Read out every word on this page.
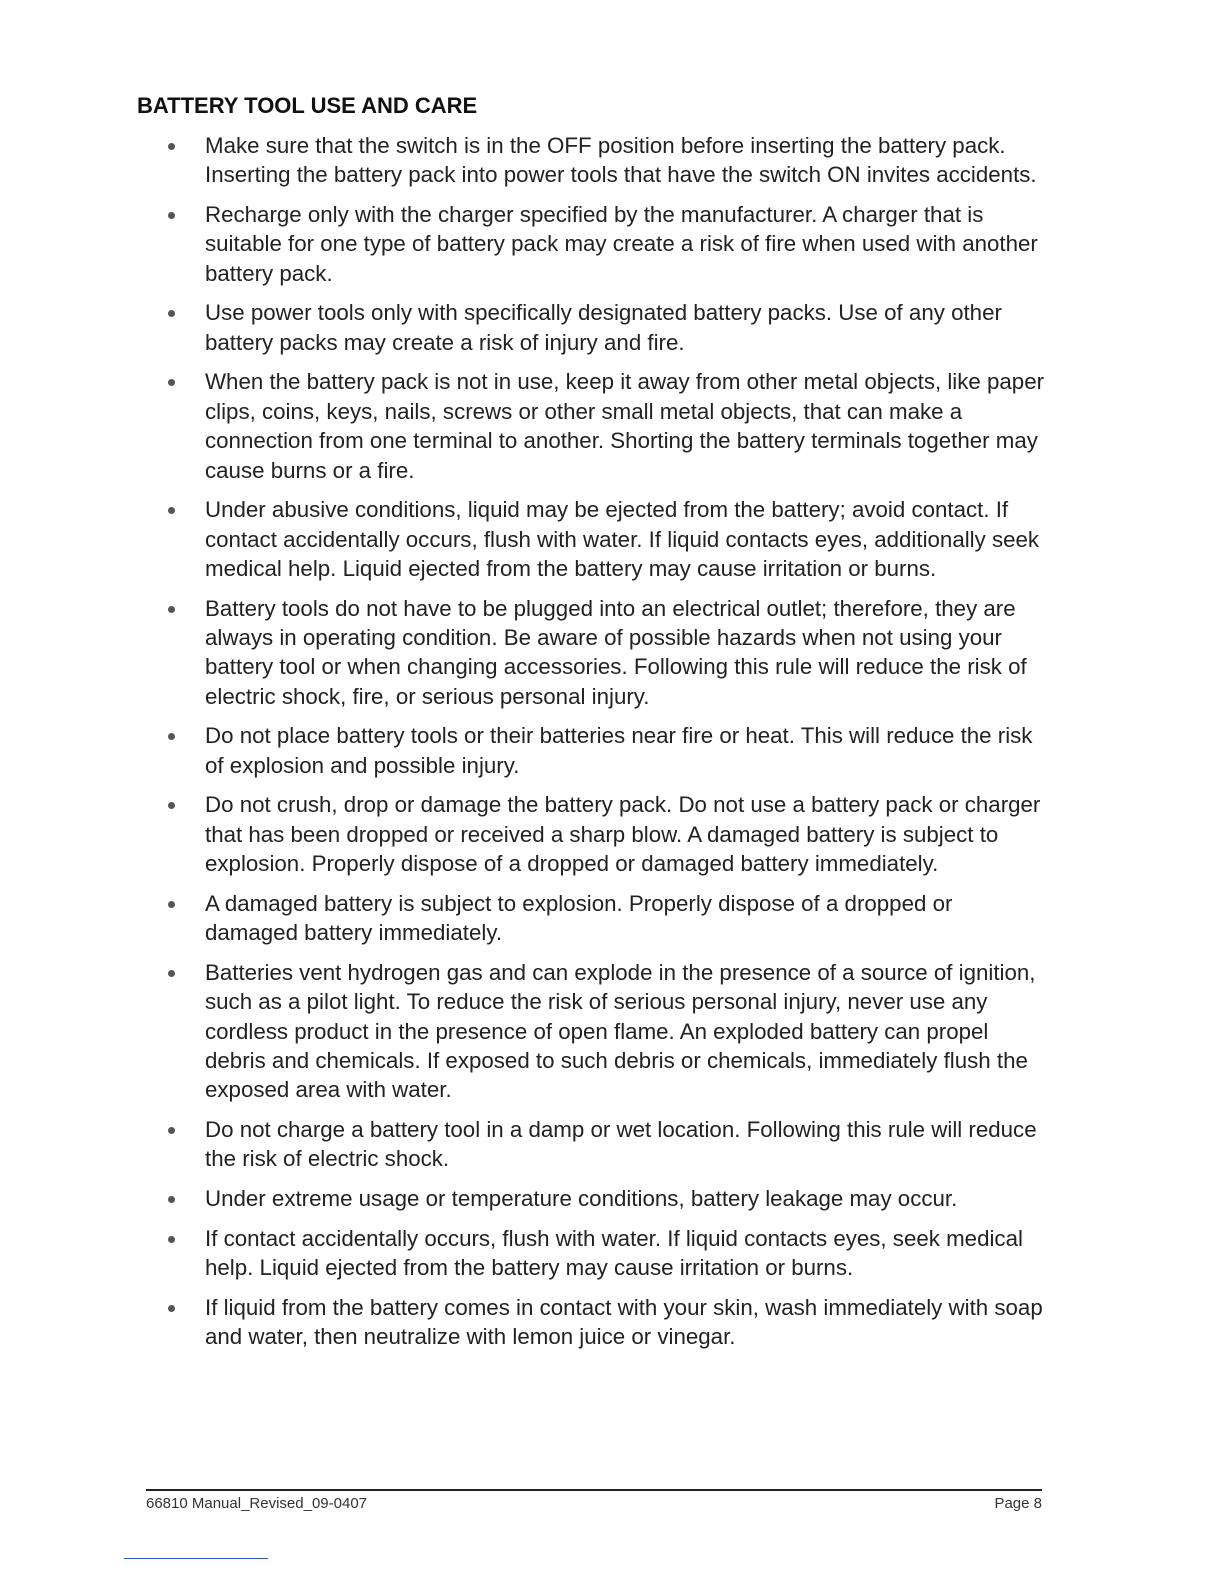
BATTERY TOOL USE AND CARE
Make sure that the switch is in the OFF position before inserting the battery pack. Inserting the battery pack into power tools that have the switch ON invites accidents.
Recharge only with the charger specified by the manufacturer. A charger that is suitable for one type of battery pack may create a risk of fire when used with another battery pack.
Use power tools only with specifically designated battery packs. Use of any other battery packs may create a risk of injury and fire.
When the battery pack is not in use, keep it away from other metal objects, like paper clips, coins, keys, nails, screws or other small metal objects, that can make a connection from one terminal to another. Shorting the battery terminals together may cause burns or a fire.
Under abusive conditions, liquid may be ejected from the battery; avoid contact. If contact accidentally occurs, flush with water. If liquid contacts eyes, additionally seek medical help. Liquid ejected from the battery may cause irritation or burns.
Battery tools do not have to be plugged into an electrical outlet; therefore, they are always in operating condition. Be aware of possible hazards when not using your battery tool or when changing accessories. Following this rule will reduce the risk of electric shock, fire, or serious personal injury.
Do not place battery tools or their batteries near fire or heat. This will reduce the risk of explosion and possible injury.
Do not crush, drop or damage the battery pack. Do not use a battery pack or charger that has been dropped or received a sharp blow. A damaged battery is subject to explosion. Properly dispose of a dropped or damaged battery immediately.
A damaged battery is subject to explosion. Properly dispose of a dropped or damaged battery immediately.
Batteries vent hydrogen gas and can explode in the presence of a source of ignition, such as a pilot light. To reduce the risk of serious personal injury, never use any cordless product in the presence of open flame. An exploded battery can propel debris and chemicals. If exposed to such debris or chemicals, immediately flush the exposed area with water.
Do not charge a battery tool in a damp or wet location. Following this rule will reduce the risk of electric shock.
Under extreme usage or temperature conditions, battery leakage may occur.
If contact accidentally occurs, flush with water. If liquid contacts eyes, seek medical help. Liquid ejected from the battery may cause irritation or burns.
If liquid from the battery comes in contact with your skin, wash immediately with soap and water, then neutralize with lemon juice or vinegar.
66810 Manual_Revised_09-0407	Page 8
